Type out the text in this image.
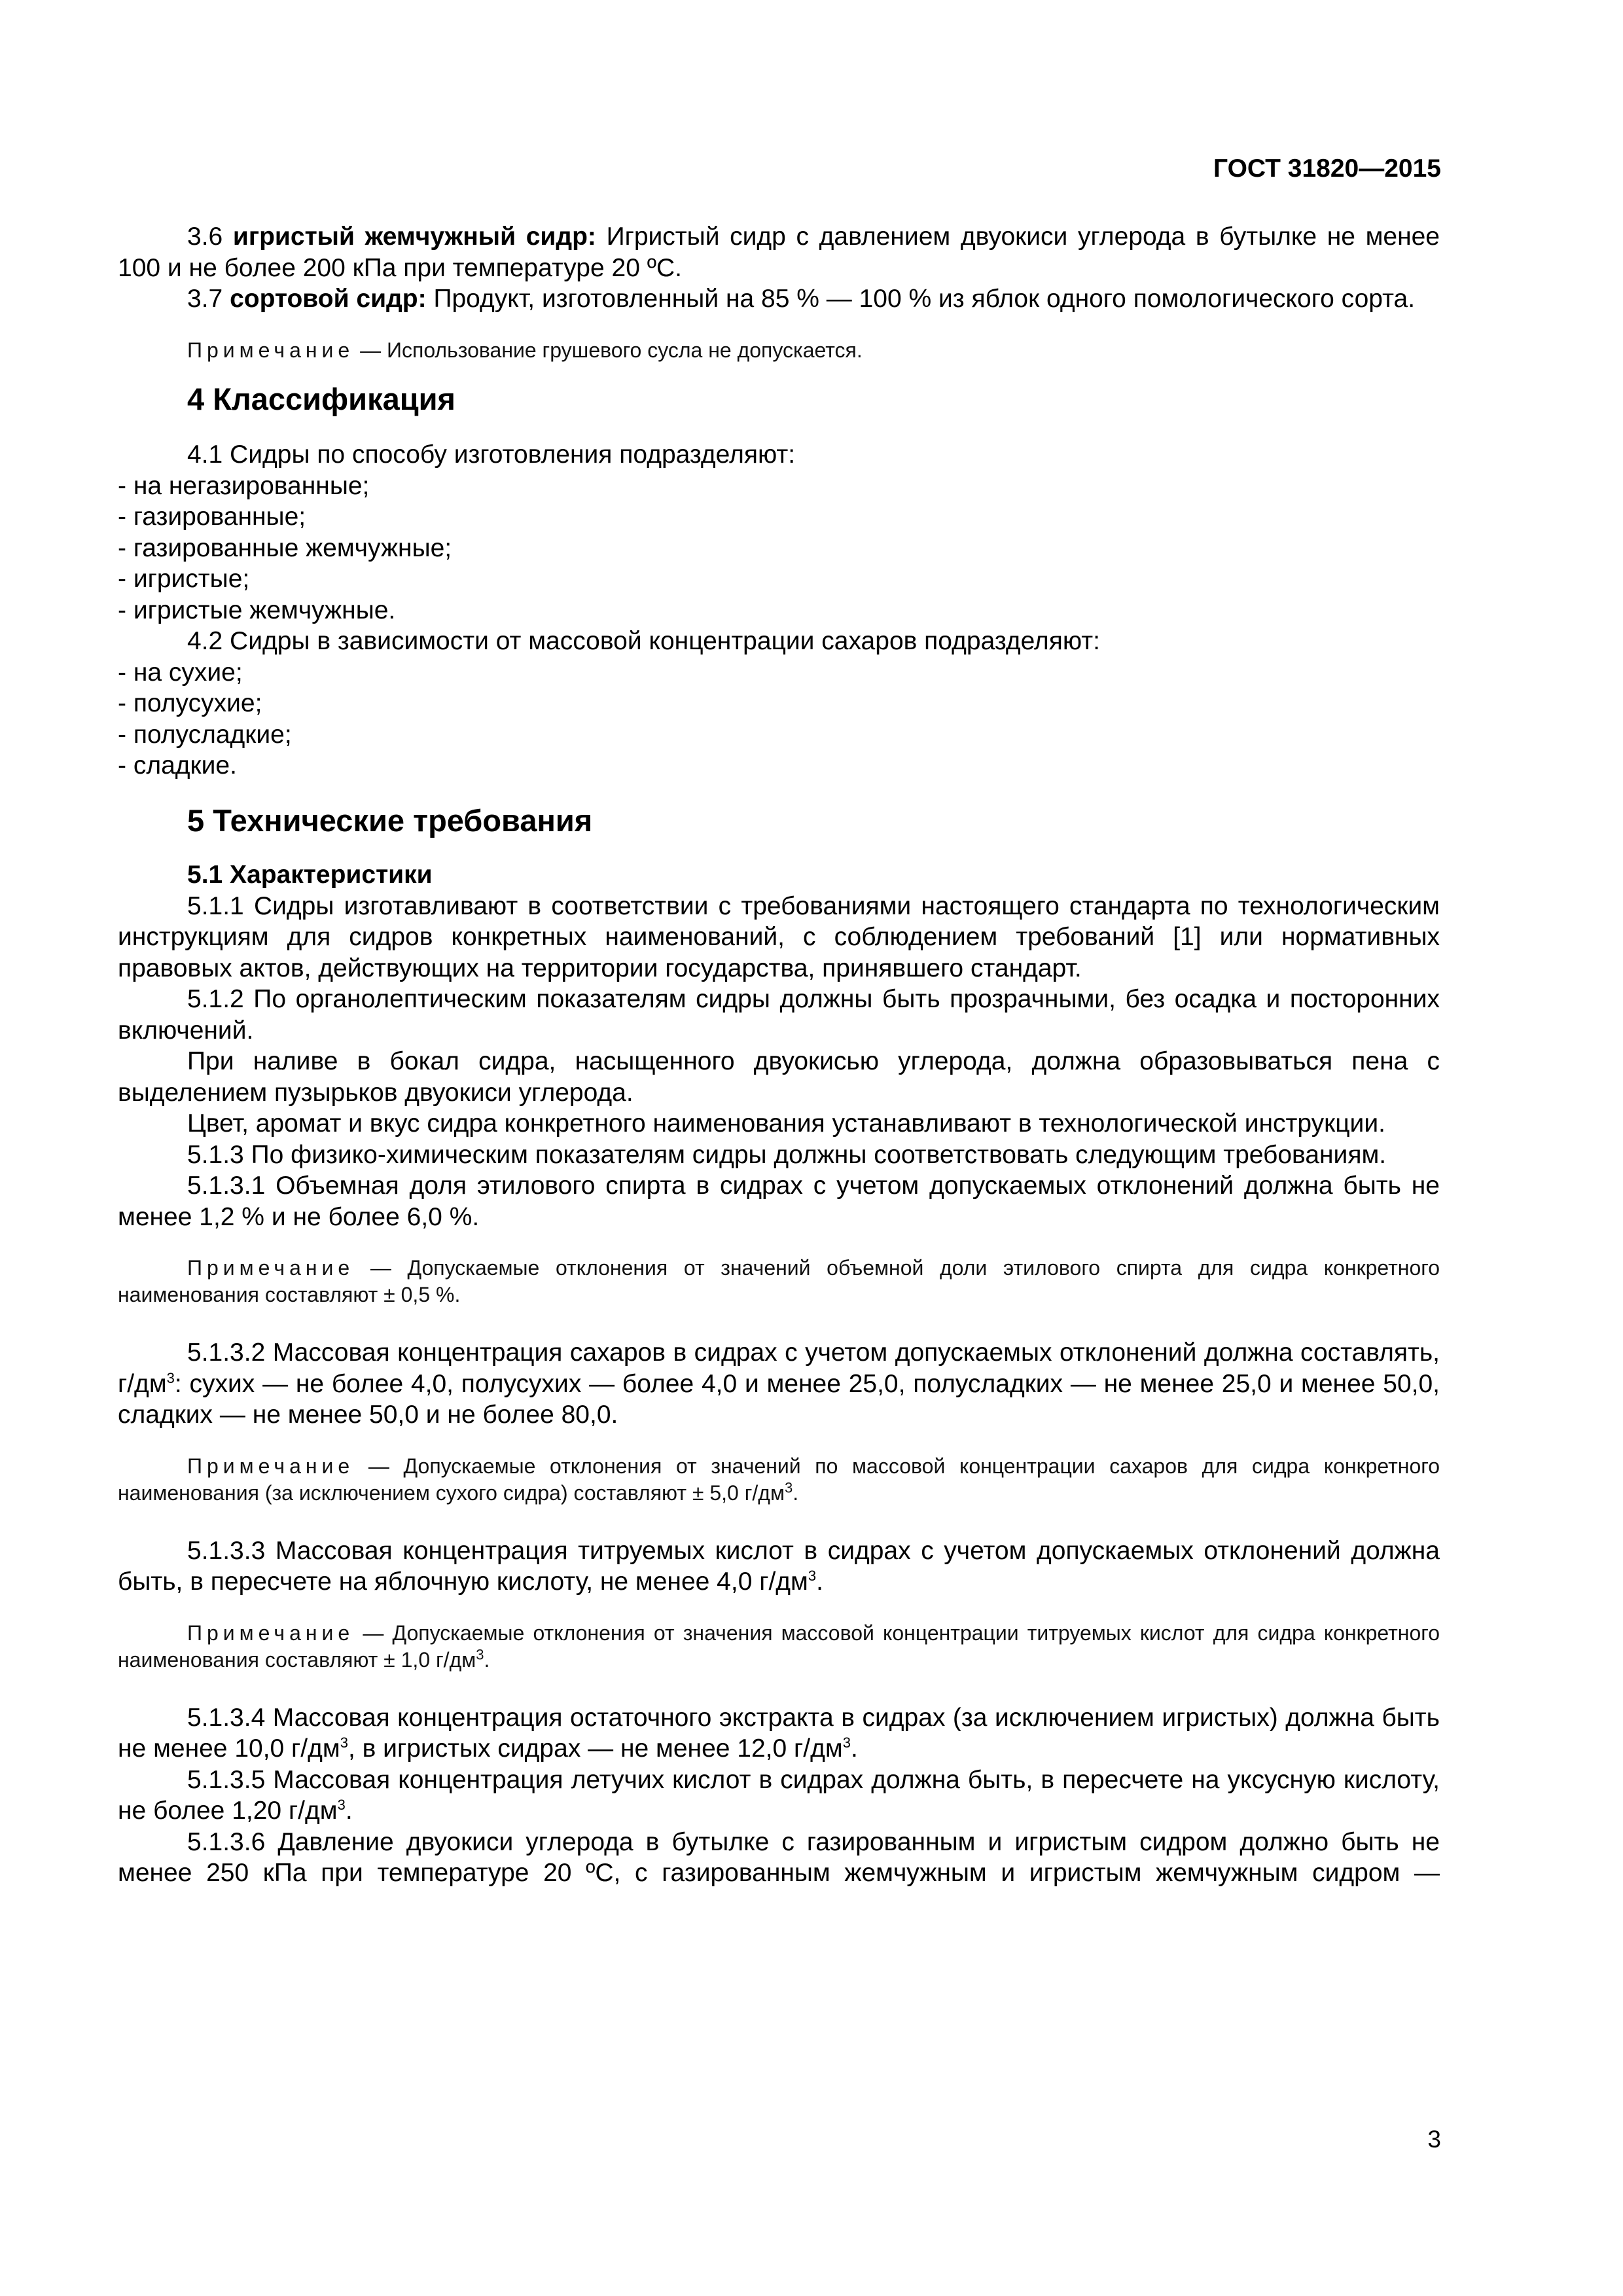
ГОСТ 31820—2015
3.6 игристый жемчужный сидр: Игристый сидр с давлением двуокиси углерода в бутылке не менее 100 и не более 200 кПа при температуре 20 ºС.
3.7 сортовой сидр: Продукт, изготовленный на 85 % — 100 % из яблок одного помологического сорта.
Примечание — Использование грушевого сусла не допускается.
4 Классификация
4.1 Сидры по способу изготовления подразделяют:
- на негазированные;
- газированные;
- газированные жемчужные;
- игристые;
- игристые жемчужные.
4.2 Сидры в зависимости от массовой концентрации сахаров подразделяют:
- на сухие;
- полусухие;
- полусладкие;
- сладкие.
5 Технические требования
5.1 Характеристики
5.1.1 Сидры изготавливают в соответствии с требованиями настоящего стандарта по технологическим инструкциям для сидров конкретных наименований, с соблюдением требований [1] или нормативных правовых актов, действующих на территории государства, принявшего стандарт.
5.1.2 По органолептическим показателям сидры должны быть прозрачными, без осадка и посторонних включений.
При наливе в бокал сидра, насыщенного двуокисью углерода, должна образовываться пена с выделением пузырьков двуокиси углерода.
Цвет, аромат и вкус сидра конкретного наименования устанавливают в технологической инструкции.
5.1.3 По физико-химическим показателям сидры должны соответствовать следующим требованиям.
5.1.3.1 Объемная доля этилового спирта в сидрах с учетом допускаемых отклонений должна быть не менее 1,2 % и не более 6,0 %.
Примечание — Допускаемые отклонения от значений объемной доли этилового спирта для сидра конкретного наименования составляют ± 0,5 %.
5.1.3.2 Массовая концентрация сахаров в сидрах с учетом допускаемых отклонений должна составлять, $г/дм^3$: сухих — не более 4,0, полусухих — более 4,0 и менее 25,0, полусладких — не менее 25,0 и менее 50,0, сладких — не менее 50,0 и не более 80,0.
Примечание — Допускаемые отклонения от значений по массовой концентрации сахаров для сидра конкретного наименования (за исключением сухого сидра) составляют ± 5,0 $г/дм^3$.
5.1.3.3 Массовая концентрация титруемых кислот в сидрах с учетом допускаемых отклонений должна быть, в пересчете на яблочную кислоту, не менее 4,0 $г/дм^3$.
Примечание — Допускаемые отклонения от значения массовой концентрации титруемых кислот для сидра конкретного наименования составляют ± 1,0 $г/дм^3$.
5.1.3.4 Массовая концентрация остаточного экстракта в сидрах (за исключением игристых) должна быть не менее 10,0 $г/дм^3$, в игристых сидрах — не менее 12,0 $г/дм^3$.
5.1.3.5 Массовая концентрация летучих кислот в сидрах должна быть, в пересчете на уксусную кислоту, не более 1,20 $г/дм^3$.
5.1.3.6 Давление двуокиси углерода в бутылке с газированным и игристым сидром должно быть не менее 250 кПа при температуре 20 ºС, с газированным жемчужным и игристым жемчужным сидром —
3
